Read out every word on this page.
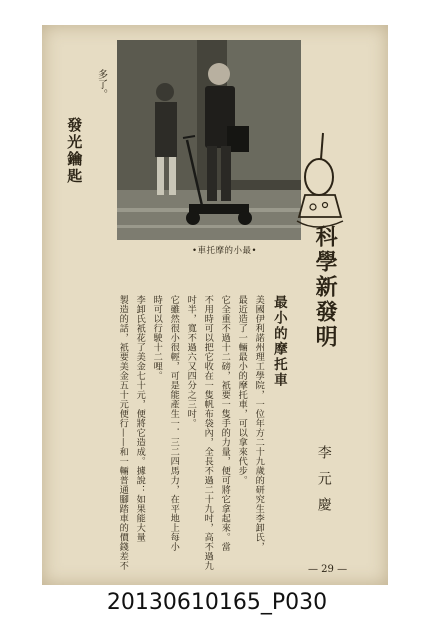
多了。
發光鑰匙
•車托摩的小最•	科學新發明
最小的摩托車
美國伊利諾州理工學院，一位年方二十九歲的研究生李卸氏，
最近造了一輛最小的摩托車，可以拿來代步。
它全重不過十二磅，祇要一隻手的力量，便可將它拿起來。當
不用時可以把它收在一隻帆布袋內，全長不過二十九吋，高不過九
吋半，寬不過六又四分之三吋。
它雖然很小很輕，可是能產生一．三二四馬力，在平地上每小
時可以行駛十二哩。
李卸氏祇花了美金七十元，便將它造成。據說：如果能大量
製造的話，祇要美金五十元便行——和一輛普通腳踏車的價錢差不	李元慶
— 29 —
20130610165_P030
